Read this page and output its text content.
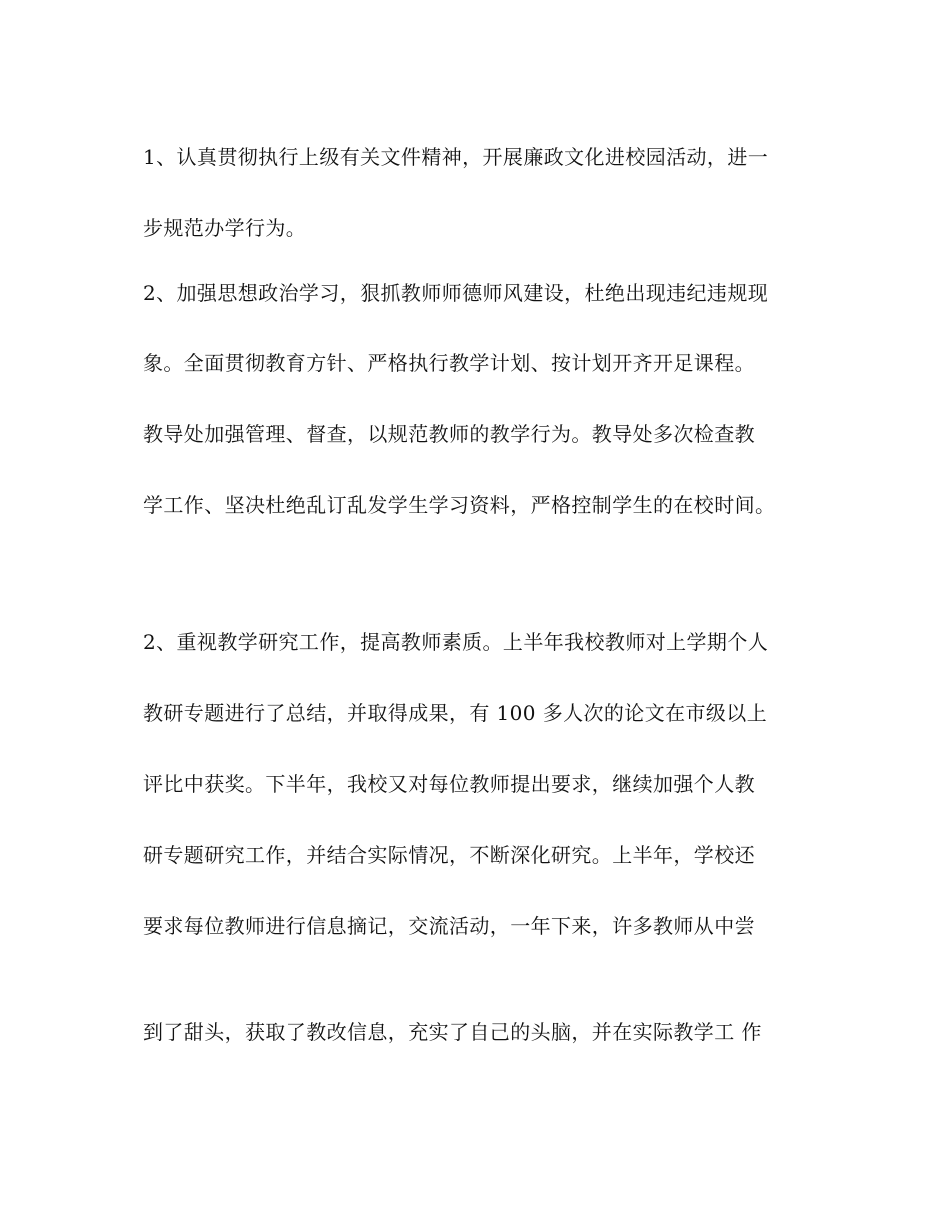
1、认真贯彻执行上级有关文件精神，开展廉政文化进校园活动，进一
步规范办学行为。
2、加强思想政治学习，狠抓教师师德师风建设，杜绝出现违纪违规现
象。全面贯彻教育方针、严格执行教学计划、按计划开齐开足课程。
教导处加强管理、督查，以规范教师的教学行为。教导处多次检查教
学工作、坚决杜绝乱订乱发学生学习资料，严格控制学生的在校时间。
2、重视教学研究工作，提高教师素质。上半年我校教师对上学期个人
教研专题进行了总结，并取得成果，有 100 多人次的论文在市级以上
评比中获奖。下半年，我校又对每位教师提出要求，继续加强个人教
研专题研究工作，并结合实际情况，不断深化研究。上半年，学校还
要求每位教师进行信息摘记，交流活动，一年下来，许多教师从中尝
到了甜头，获取了教改信息，充实了自己的头脑，并在实际教学工 作
